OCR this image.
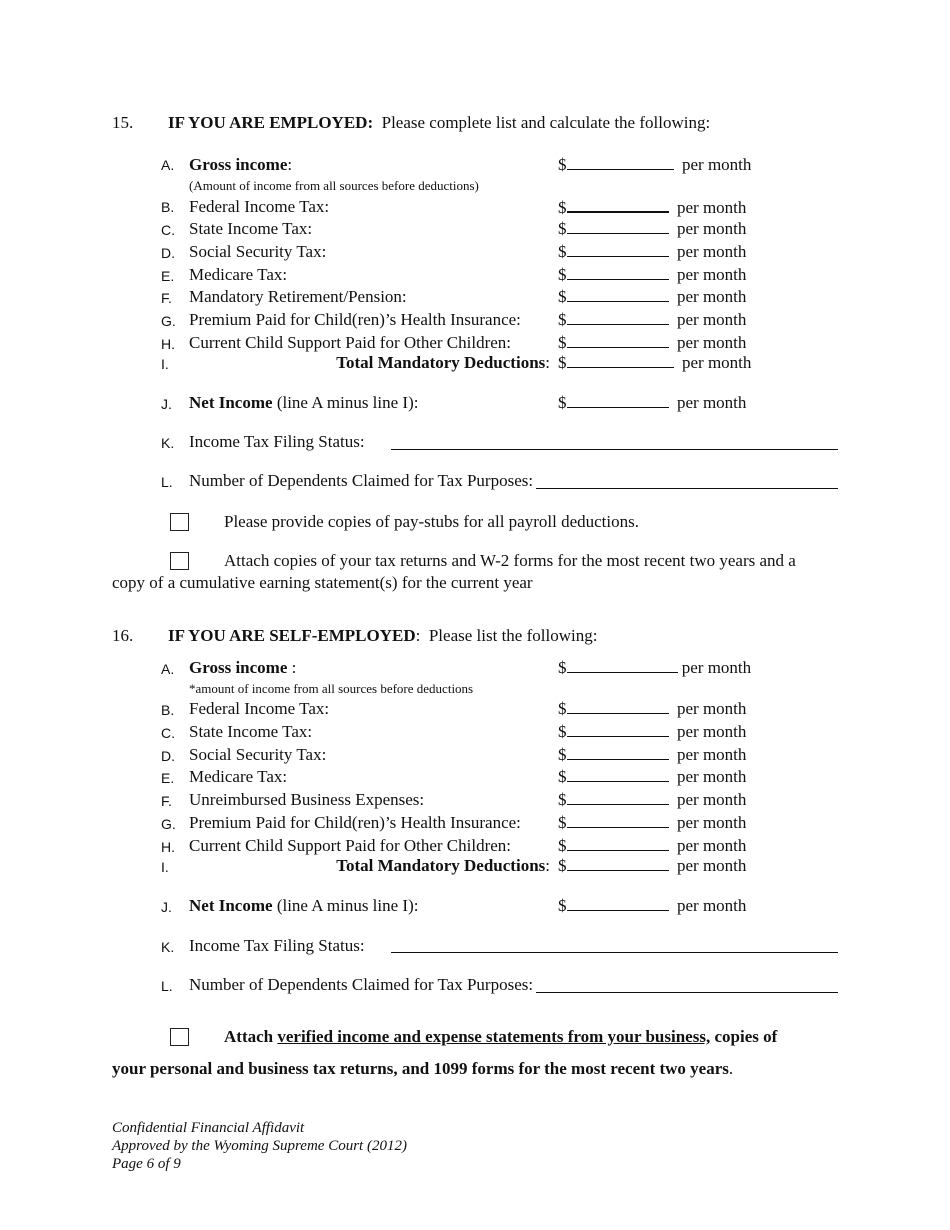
15. IF YOU ARE EMPLOYED: Please complete list and calculate the following:
A. Gross income:	$	per month
(Amount of income from all sources before deductions)
B. Federal Income Tax:	$	per month
C. State Income Tax:	$	per month
D. Social Security Tax:	$	per month
E. Medicare Tax:	$	per month
F. Mandatory Retirement/Pension:	$	per month
G. Premium Paid for Child(ren)’s Health Insurance: $	per month
H. Current Child Support Paid for Other Children:	$	per month
I.	Total Mandatory Deductions: $	per month
J. Net Income (line A minus line I):	$	per month
K. Income Tax Filing Status:
L. Number of Dependents Claimed for Tax Purposes:
Please provide copies of pay-stubs for all payroll deductions.
Attach copies of your tax returns and W-2 forms for the most recent two years and a
copy of a cumulative earning statement(s) for the current year
16. IF YOU ARE SELF-EMPLOYED:  Please list the following:
A. Gross income :	$	per month
*amount of income from all sources before deductions
B. Federal Income Tax:	$	per month
C. State Income Tax:	$	per month
D. Social Security Tax:	$	per month
E. Medicare Tax:	$	per month
F. Unreimbursed Business Expenses:	$	per month
G. Premium Paid for Child(ren)’s Health Insurance: $	per month
H. Current Child Support Paid for Other Children:	$	per month
I.	Total Mandatory Deductions: $	per month
J. Net Income (line A minus line I):	$	per month
K. Income Tax Filing Status:
L. Number of Dependents Claimed for Tax Purposes:
Attach verified income and expense statements from your business, copies of
your personal and business tax returns, and 1099 forms for the most recent two years.
Confidential Financial Affidavit
Approved by the Wyoming Supreme Court (2012)
Page 6 of 9
